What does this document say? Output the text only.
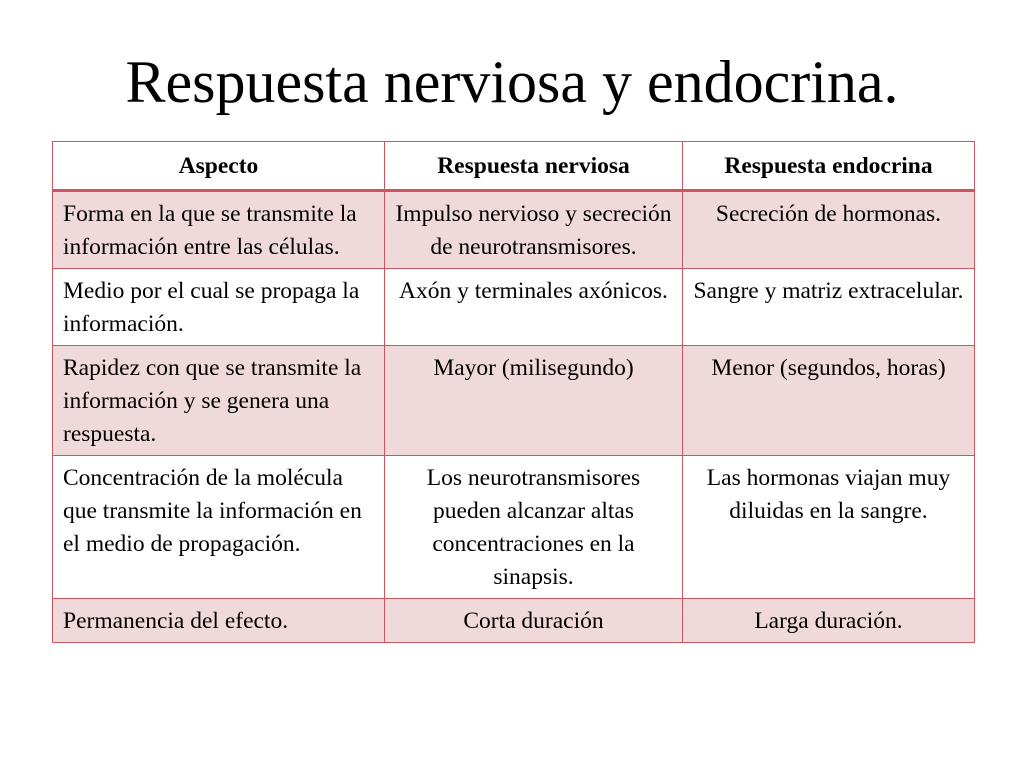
Respuesta nerviosa y endocrina.
Aspecto	Respuesta nerviosa	Respuesta endocrina
Forma en la que se transmite la información entre las células.	Impulso nervioso y secreción de neurotransmisores.	Secreción de hormonas.
Medio por el cual se propaga la información.	Axón y terminales axónicos.	Sangre y matriz extracelular.
Rapidez con que se transmite la información y se genera una respuesta.	Mayor (milisegundo)	Menor (segundos, horas)
Concentración de la molécula que transmite la información en el medio de propagación.	Los neurotransmisores pueden alcanzar altas concentraciones en la sinapsis.	Las hormonas viajan muy diluidas en la sangre.
Permanencia del efecto.	Corta duración	Larga duración.
